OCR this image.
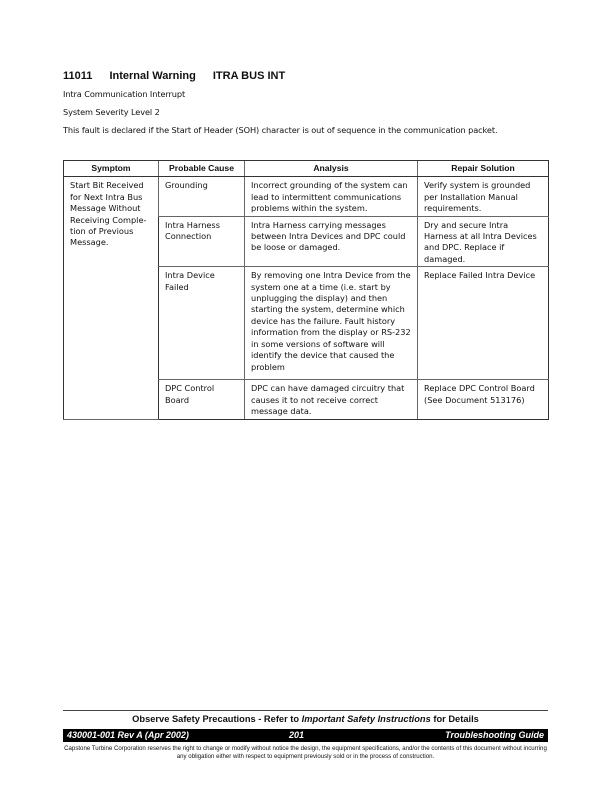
11011 Internal Warning ITRA BUS INT
Intra Communication Interrupt
System Severity Level 2
This fault is declared if the Start of Header (SOH) character is out of sequence in the communication packet.
Symptom	Probable Cause	Analysis	Repair Solution
Start Bit Received for Next Intra Bus Message Without Receiving Comple-tion of Previous Message.	Grounding	Incorrect grounding of the system can lead to intermittent communications problems within the system.	Verify system is grounded per Installation Manual requirements.
	Intra Harness Connection	Intra Harness carrying messages between Intra Devices and DPC could be loose or damaged.	Dry and secure Intra Harness at all Intra Devices and DPC. Replace if damaged.
	Intra Device Failed	By removing one Intra Device from the system one at a time (i.e. start by unplugging the display) and then starting the system, determine which device has the failure. Fault history information from the display or RS-232 in some versions of software will identify the device that caused the problem	Replace Failed Intra Device
	DPC Control Board	DPC can have damaged circuitry that causes it to not receive correct message data.	Replace DPC Control Board (See Document 513176)
Observe Safety Precautions - Refer to Important Safety Instructions for Details
430001-001 Rev A (Apr 2002)	201	Troubleshooting Guide
Capstone Turbine Corporation reserves the right to change or modify without notice the design, the equipment specifications, and/or the contents of this document without incurring any obligation either with respect to equipment previously sold or in the process of construction.
